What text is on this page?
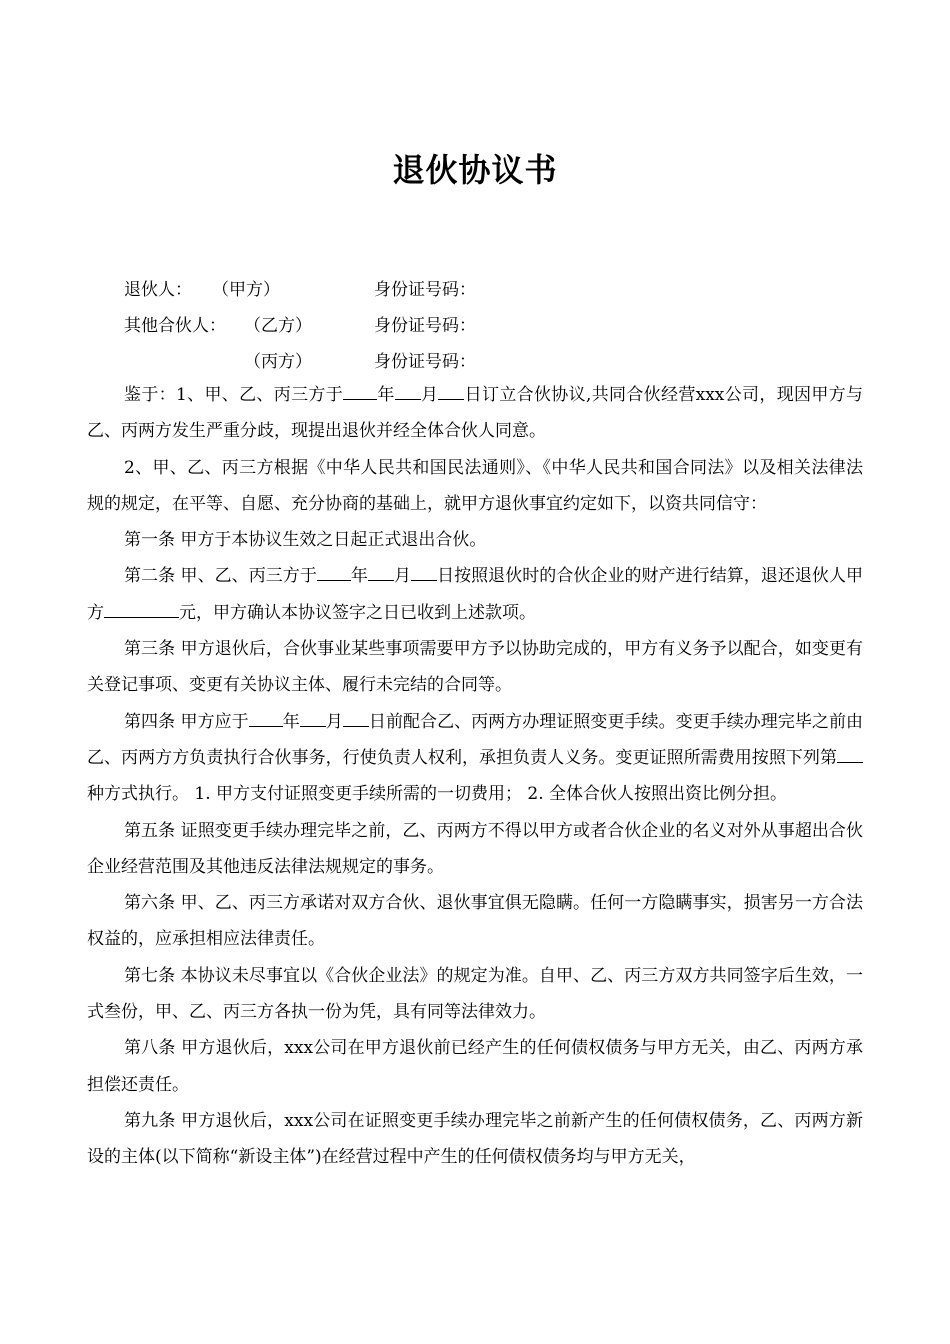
退伙协议书
退伙人： （甲方）	身份证号码：
其他合伙人： （乙方）	身份证号码：
（丙方）	身份证号码：

鉴于：1、甲、乙、丙三方于 年 月 日订立合伙协议,共同合伙经营xxx公司，现因甲方与乙、丙两方发生严重分歧，现提出退伙并经全体合伙人同意。

2、甲、乙、丙三方根据《中华人民共和国民法通则》、《中华人民共和国合同法》以及相关法律法规的规定，在平等、自愿、充分协商的基础上，就甲方退伙事宜约定如下，以资共同信守：

第一条 甲方于本协议生效之日起正式退出合伙。

第二条 甲、乙、丙三方于 年 月 日按照退伙时的合伙企业的财产进行结算，退还退伙人甲方	元，甲方确认本协议签字之日已收到上述款项。

第三条 甲方退伙后，合伙事业某些事项需要甲方予以协助完成的，甲方有义务予以配合，如变更有关登记事项、变更有关协议主体、履行未完结的合同等。

第四条 甲方应于 年 月 日前配合乙、丙两方办理证照变更手续。变更手续办理完毕之前由乙、丙两方方负责执行合伙事务，行使负责人权利，承担负责人义务。变更证照所需费用按照下列第种方式执行。 1. 甲方支付证照变更手续所需的一切费用； 2. 全体合伙人按照出资比例分担。

第五条 证照变更手续办理完毕之前，乙、丙两方不得以甲方或者合伙企业的名义对外从事超出合伙企业经营范围及其他违反法律法规规定的事务。

第六条 甲、乙、丙三方承诺对双方合伙、退伙事宜俱无隐瞒。任何一方隐瞒事实，损害另一方合法权益的，应承担相应法律责任。

第七条 本协议未尽事宜以《合伙企业法》的规定为准。自甲、乙、丙三方双方共同签字后生效，一式叁份，甲、乙、丙三方各执一份为凭，具有同等法律效力。

第八条 甲方退伙后，xxx公司在甲方退伙前已经产生的任何债权债务与甲方无关，由乙、丙两方承担偿还责任。

第九条 甲方退伙后，xxx公司在证照变更手续办理完毕之前新产生的任何债权债务，乙、丙两方新设的主体(以下简称“新设主体”)在经营过程中产生的任何债权债务均与甲方无关，
